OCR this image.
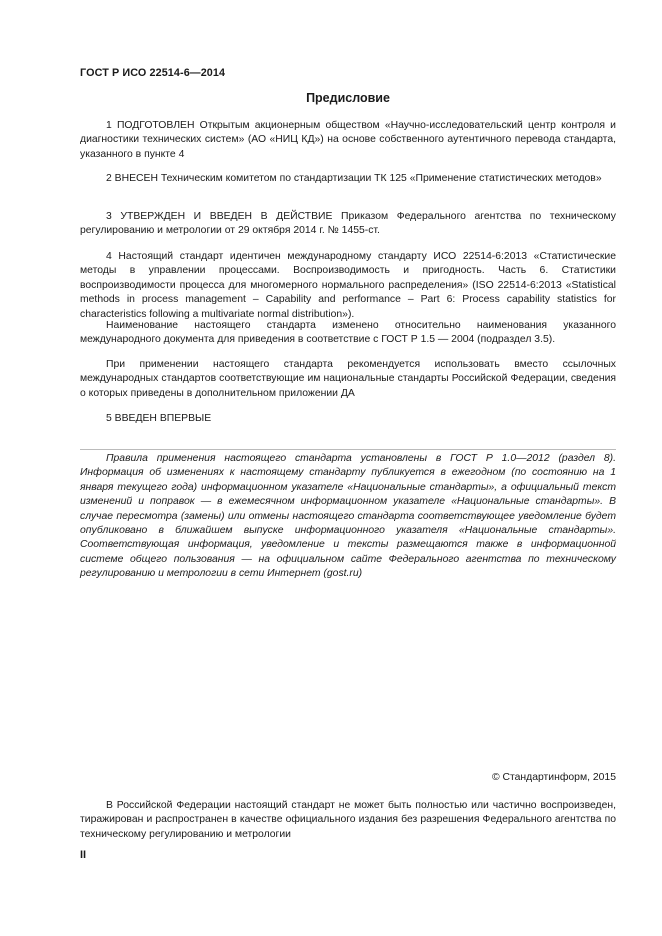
ГОСТ Р ИСО 22514-6—2014
Предисловие

1 ПОДГОТОВЛЕН Открытым акционерным обществом «Научно-исследовательский центр контроля и диагностики технических систем» (АО «НИЦ КД») на основе собственного аутентичного перевода стандарта, указанного в пункте 4

2 ВНЕСЕН Техническим комитетом по стандартизации ТК 125 «Применение статистических методов»

3 УТВЕРЖДЕН И ВВЕДЕН В ДЕЙСТВИЕ Приказом Федерального агентства по техническому регулированию и метрологии от 29 октября 2014 г. № 1455-ст.

4 Настоящий стандарт идентичен международному стандарту ИСО 22514-6:2013 «Статистические методы в управлении процессами. Воспроизводимость и пригодность. Часть 6. Статистики воспроизводимости процесса для многомерного нормального распределения» (ISO 22514-6:2013 «Statistical methods in process management – Capability and performance – Part 6: Process capability statistics for characteristics following a multivariate normal distribution»).

Наименование настоящего стандарта изменено относительно наименования указанного международного документа для приведения в соответствие с ГОСТ Р 1.5 — 2004 (подраздел 3.5).

При применении настоящего стандарта рекомендуется использовать вместо ссылочных международных стандартов соответствующие им национальные стандарты Российской Федерации, сведения о которых приведены в дополнительном приложении ДА

5 ВВЕДЕН ВПЕРВЫЕ

Правила применения настоящего стандарта установлены в ГОСТ Р 1.0—2012 (раздел 8). Информация об изменениях к настоящему стандарту публикуется в ежегодном (по состоянию на 1 января текущего года) информационном указателе «Национальные стандарты», а официальный текст изменений и поправок — в ежемесячном информационном указателе «Национальные стандарты». В случае пересмотра (замены) или отмены настоящего стандарта соответствующее уведомление будет опубликовано в ближайшем выпуске информационного указателя «Национальные стандарты». Соответствующая информация, уведомление и тексты размещаются также в информационной системе общего пользования — на официальном сайте Федерального агентства по техническому регулированию и метрологии в сети Интернет (gost.ru)

© Стандартинформ, 2015

В Российской Федерации настоящий стандарт не может быть полностью или частично воспроизведен, тиражирован и распространен в качестве официального издания без разрешения Федерального агентства по техническому регулированию и метрологии

II
